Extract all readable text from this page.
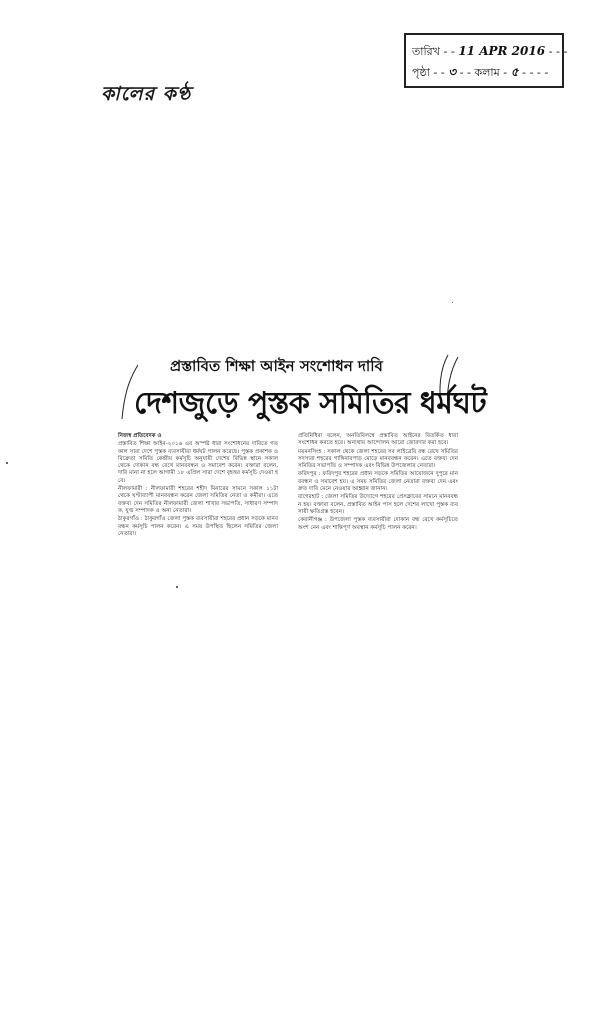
তারিখ - - 11 APR 2016 - - -
পৃষ্ঠা - - ৩ - - কলাম - ৫ - - - -
কালের কণ্ঠ
প্রস্তাবিত শিক্ষা আইন সংশোধন দাবি
দেশজুড়ে পুস্তক সমিতির ধর্মঘট
নিজস্ব প্রতিবেদক ও
প্রস্তাবিত শিক্ষা আইন-২০১৬ এর অস্পষ্ট ধারা সংশোধনের দাবিতে গতকাল সারা দেশে পুস্তক ব্যবসায়ীরা ধর্মঘট পালন করেছে। পুস্তক প্রকাশক ও বিক্রেতা সমিতি কেন্দ্রীয় কর্মসূচি অনুযায়ী দেশের বিভিন্ন স্থানে সকাল থেকে দোকান বন্ধ রেখে মানববন্ধন ও সমাবেশ করেন। বক্তারা বলেন, দাবি মানা না হলে আগামী ১৮ এপ্রিল সারা দেশে বৃহত্তর কর্মসূচি দেওয়া হবে।
নীলফামারী : নীলফামারী শহরের শহীদ মিনারের সামনে সকাল ১১টা থেকে ঘণ্টাব্যাপী মানববন্ধন করেন জেলা সমিতির নেতা ও কর্মীরা। এতে বক্তব্য দেন সমিতির নীলফামারী জেলা শাখার সভাপতি, সাধারণ সম্পাদক, যুগ্ম সম্পাদক ও অন্য নেতারা।
ঠাকুরগাঁও : ঠাকুরগাঁও জেলা পুস্তক ব্যবসায়ীরা শহরের প্রধান সড়কে মানববন্ধন কর্মসূচি পালন করেন। এ সময় উপস্থিত ছিলেন সমিতির জেলা নেতারা।
প্রতিনিধিরা বলেন, অনতিবিলম্বে প্রস্তাবিত আইনের বিতর্কিত ধারা সংশোধন করতে হবে। অন্যথায় আন্দোলন আরো জোরদার করা হবে।
ময়মনসিংহ : সকাল থেকে জেলা শহরের সব লাইব্রেরি বন্ধ রেখে সমিতির সদস্যরা শহরের গাঙ্গিনারপাড় মোড়ে মানববন্ধন করেন। এতে বক্তব্য দেন সমিতির সভাপতি ও সম্পাদক এবং বিভিন্ন উপজেলার নেতারা।
ফরিদপুর : ফরিদপুর শহরের প্রধান সড়কে সমিতির আয়োজনে দুপুরে মানববন্ধন ও সমাবেশ হয়। এ সময় সমিতির জেলা নেতারা বক্তব্য দেন এবং দ্রুত দাবি মেনে নেওয়ার আহ্বান জানান।
বাগেরহাট : জেলা সমিতির উদ্যোগে শহরের প্রেসক্লাবের সামনে মানববন্ধন হয়। বক্তারা বলেন, প্রস্তাবিত আইন পাস হলে দেশের লাখো পুস্তক ব্যবসায়ী ক্ষতিগ্রস্ত হবেন।
কেরানীগঞ্জ : উপজেলা পুস্তক ব্যবসায়ীরা দোকান বন্ধ রেখে কর্মসূচিতে অংশ নেন এবং শান্তিপূর্ণ অবস্থান কর্মসূচি পালন করেন।
